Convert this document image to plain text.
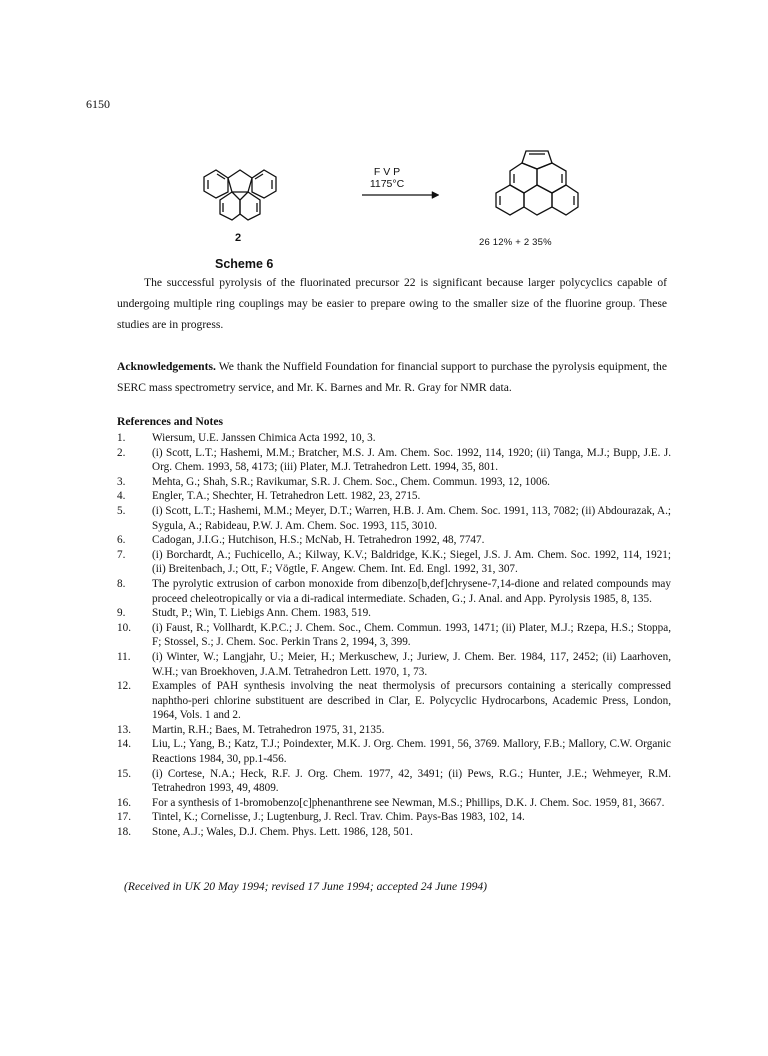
6150
F V P
1175°C
2
Scheme 6
26 12% + 2 35%
The successful pyrolysis of the fluorinated precursor 22 is significant because larger polycyclics capable of undergoing multiple ring couplings may be easier to prepare owing to the smaller size of the fluorine group. These studies are in progress.
Acknowledgements. We thank the Nuffield Foundation for financial support to purchase the pyrolysis equipment, the SERC mass spectrometry service, and Mr. K. Barnes and Mr. R. Gray for NMR data.
References and Notes
1.	Wiersum, U.E. Janssen Chimica Acta 1992, 10, 3.
2.	(i) Scott, L.T.; Hashemi, M.M.; Bratcher, M.S. J. Am. Chem. Soc. 1992, 114, 1920; (ii) Tanga, M.J.; Bupp, J.E. J. Org. Chem. 1993, 58, 4173; (iii) Plater, M.J. Tetrahedron Lett. 1994, 35, 801.
3.	Mehta, G.; Shah, S.R.; Ravikumar, S.R. J. Chem. Soc., Chem. Commun. 1993, 12, 1006.
4.	Engler, T.A.; Shechter, H. Tetrahedron Lett. 1982, 23, 2715.
5.	(i) Scott, L.T.; Hashemi, M.M.; Meyer, D.T.; Warren, H.B. J. Am. Chem. Soc. 1991, 113, 7082; (ii) Abdourazak, A.; Sygula, A.; Rabideau, P.W. J. Am. Chem. Soc. 1993, 115, 3010.
6.	Cadogan, J.I.G.; Hutchison, H.S.; McNab, H. Tetrahedron 1992, 48, 7747.
7.	(i) Borchardt, A.; Fuchicello, A.; Kilway, K.V.; Baldridge, K.K.; Siegel, J.S. J. Am. Chem. Soc. 1992, 114, 1921; (ii) Breitenbach, J.; Ott, F.; Vögtle, F. Angew. Chem. Int. Ed. Engl. 1992, 31, 307.
8.	The pyrolytic extrusion of carbon monoxide from dibenzo[b,def]chrysene-7,14-dione and related compounds may proceed cheleotropically or via a di-radical intermediate. Schaden, G.; J. Anal. and App. Pyrolysis 1985, 8, 135.
9.	Studt, P.; Win, T. Liebigs Ann. Chem. 1983, 519.
10.	(i) Faust, R.; Vollhardt, K.P.C.; J. Chem. Soc., Chem. Commun. 1993, 1471; (ii) Plater, M.J.; Rzepa, H.S.; Stoppa, F; Stossel, S.; J. Chem. Soc. Perkin Trans 2, 1994, 3, 399.
11.	(i) Winter, W.; Langjahr, U.; Meier, H.; Merkuschew, J.; Juriew, J. Chem. Ber. 1984, 117, 2452; (ii) Laarhoven, W.H.; van Broekhoven, J.A.M. Tetrahedron Lett. 1970, 1, 73.
12.	Examples of PAH synthesis involving the neat thermolysis of precursors containing a sterically compressed naphtho-peri chlorine substituent are described in Clar, E. Polycyclic Hydrocarbons, Academic Press, London, 1964, Vols. 1 and 2.
13.	Martin, R.H.; Baes, M. Tetrahedron 1975, 31, 2135.
14.	Liu, L.; Yang, B.; Katz, T.J.; Poindexter, M.K. J. Org. Chem. 1991, 56, 3769. Mallory, F.B.; Mallory, C.W. Organic Reactions 1984, 30, pp.1-456.
15.	(i) Cortese, N.A.; Heck, R.F. J. Org. Chem. 1977, 42, 3491; (ii) Pews, R.G.; Hunter, J.E.; Wehmeyer, R.M. Tetrahedron 1993, 49, 4809.
16.	For a synthesis of 1-bromobenzo[c]phenanthrene see Newman, M.S.; Phillips, D.K. J. Chem. Soc. 1959, 81, 3667.
17.	Tintel, K.; Cornelisse, J.; Lugtenburg, J. Recl. Trav. Chim. Pays-Bas 1983, 102, 14.
18.	Stone, A.J.; Wales, D.J. Chem. Phys. Lett. 1986, 128, 501.
(Received in UK 20 May 1994; revised 17 June 1994; accepted 24 June 1994)
